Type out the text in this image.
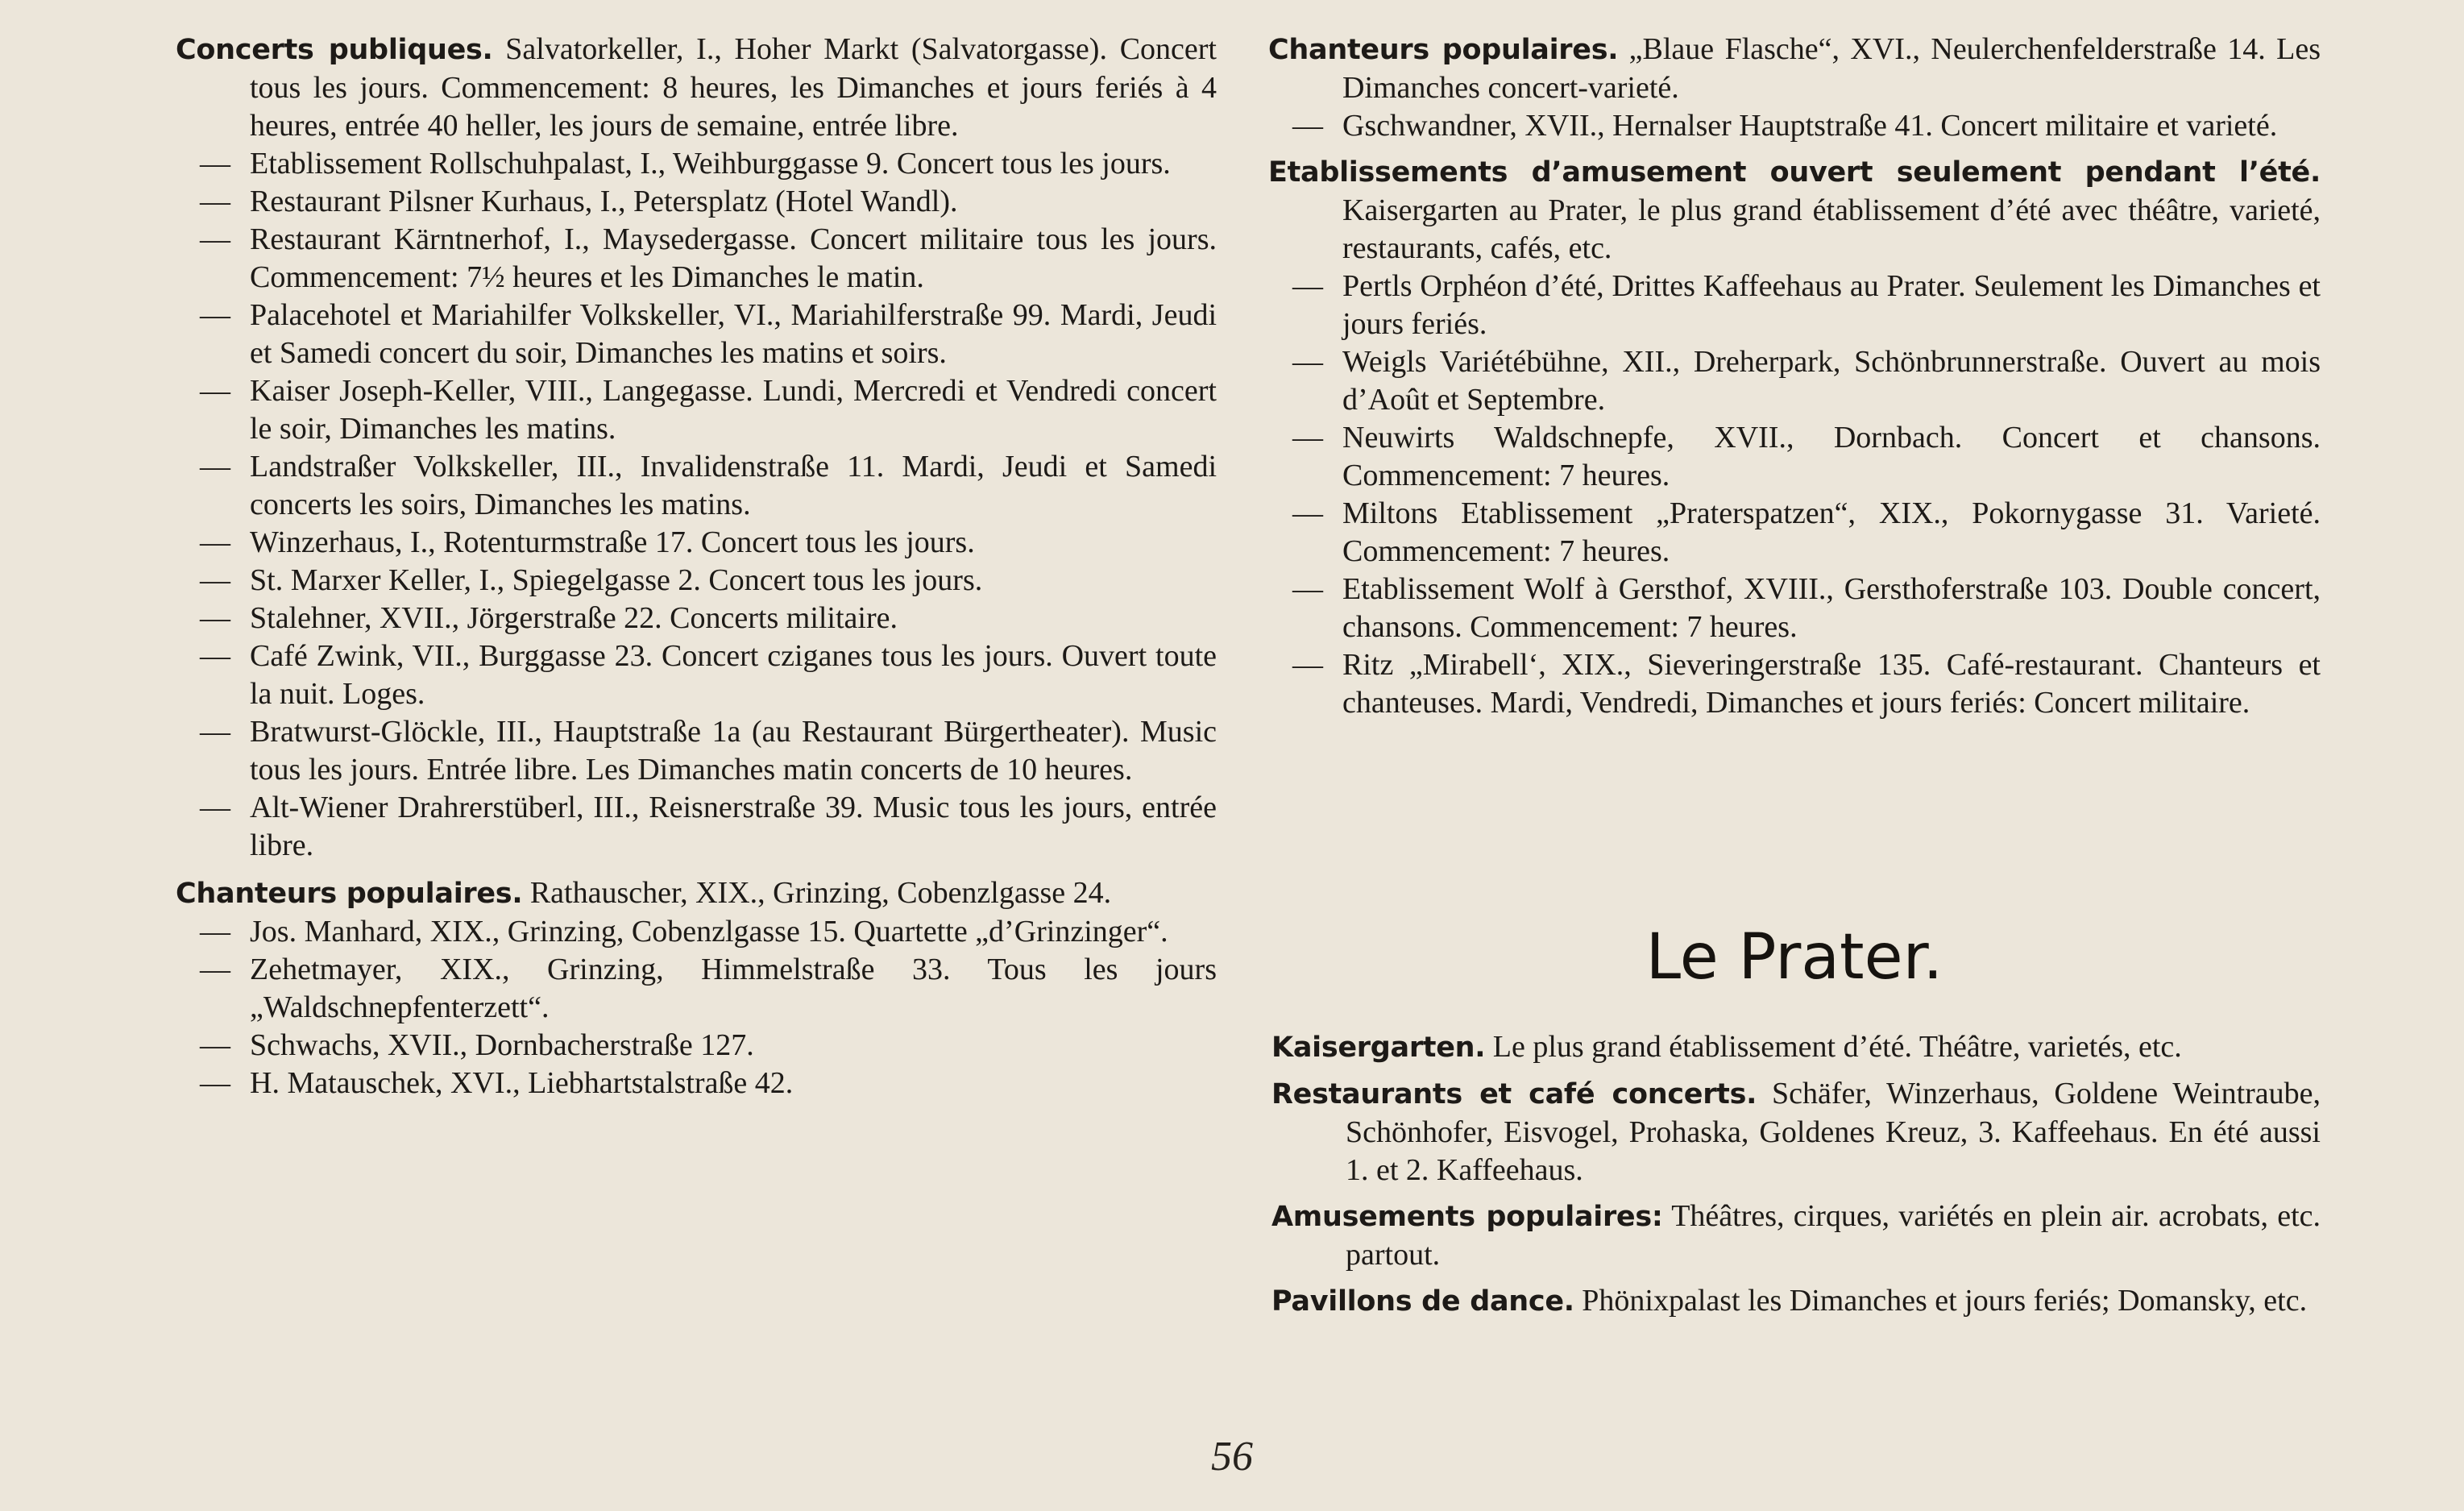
Concerts publiques. Salvatorkeller, I., Hoher Markt (Salvatorgasse). Concert tous les jours. Commencement: 8 heures, les Dimanches et jours feriés à 4 heures, entrée 40 heller, les jours de semaine, entrée libre.

— Etablissement Rollschuhpalast, I., Weihburggasse 9. Concert tous les jours.

— Restaurant Pilsner Kurhaus, I., Petersplatz (Hotel Wandl).

— Restaurant Kärntnerhof, I., Maysedergasse. Concert militaire tous les jours. Commencement: 7½ heures et les Dimanches le matin.

— Palacehotel et Mariahilfer Volkskeller, VI., Mariahilferstraße 99. Mardi, Jeudi et Samedi concert du soir, Dimanches les matins et soirs.

— Kaiser Joseph-Keller, VIII., Langegasse. Lundi, Mercredi et Vendredi concert le soir, Dimanches les matins.

— Landstraßer Volkskeller, III., Invalidenstraße 11. Mardi, Jeudi et Samedi concerts les soirs, Dimanches les matins.

— Winzerhaus, I., Rotenturmstraße 17. Concert tous les jours.

— St. Marxer Keller, I., Spiegelgasse 2. Concert tous les jours.

— Stalehner, XVII., Jörgerstraße 22. Concerts militaire.

— Café Zwink, VII., Burggasse 23. Concert cziganes tous les jours. Ouvert toute la nuit. Loges.

— Bratwurst-Glöckle, III., Hauptstraße 1a (au Restaurant Bürgertheater). Music tous les jours. Entrée libre. Les Dimanches matin concerts de 10 heures.

— Alt-Wiener Drahrerstüberl, III., Reisnerstraße 39. Music tous les jours, entrée libre.

Chanteurs populaires. Rathauscher, XIX., Grinzing, Cobenzlgasse 24.

— Jos. Manhard, XIX., Grinzing, Cobenzlgasse 15. Quartette „d’Grinzinger“.

— Zehetmayer, XIX., Grinzing, Himmelstraße 33. Tous les jours „Waldschnepfenterzett“.

— Schwachs, XVII., Dornbacherstraße 127.

— H. Matauschek, XVI., Liebhartstalstraße 42.

Chanteurs populaires. „Blaue Flasche“, XVI., Neulerchenfelderstraße 14. Les Dimanches concert-varieté.

— Gschwandner, XVII., Hernalser Hauptstraße 41. Concert militaire et varieté.

Etablissements d’amusement ouvert seulement pendant l’été. Kaisergarten au Prater, le plus grand établissement d’été avec théâtre, varieté, restaurants, cafés, etc.

— Pertls Orphéon d’été, Drittes Kaffeehaus au Prater. Seulement les Dimanches et jours feriés.

— Weigls Variétébühne, XII., Dreherpark, Schönbrunnerstraße. Ouvert au mois d’Août et Septembre.

— Neuwirts Waldschnepfe, XVII., Dornbach. Concert et chansons. Commencement: 7 heures.

— Miltons Etablissement „Praterspatzen“, XIX., Pokornygasse 31. Varieté. Commencement: 7 heures.

— Etablissement Wolf à Gersthof, XVIII., Gersthoferstraße 103. Double concert, chansons. Commencement: 7 heures.

— Ritz „Mirabell‘, XIX., Sieveringerstraße 135. Café-restaurant. Chanteurs et chanteuses. Mardi, Vendredi, Dimanches et jours feriés: Concert militaire.

Le Prater.

Kaisergarten. Le plus grand établissement d’été. Théâtre, varietés, etc.

Restaurants et café concerts. Schäfer, Winzerhaus, Goldene Weintraube, Schönhofer, Eisvogel, Prohaska, Goldenes Kreuz, 3. Kaffeehaus. En été aussi 1. et 2. Kaffeehaus.

Amusements populaires: Théâtres, cirques, variétés en plein air. acrobats, etc. partout.

Pavillons de dance. Phönixpalast les Dimanches et jours feriés; Domansky, etc.

56
